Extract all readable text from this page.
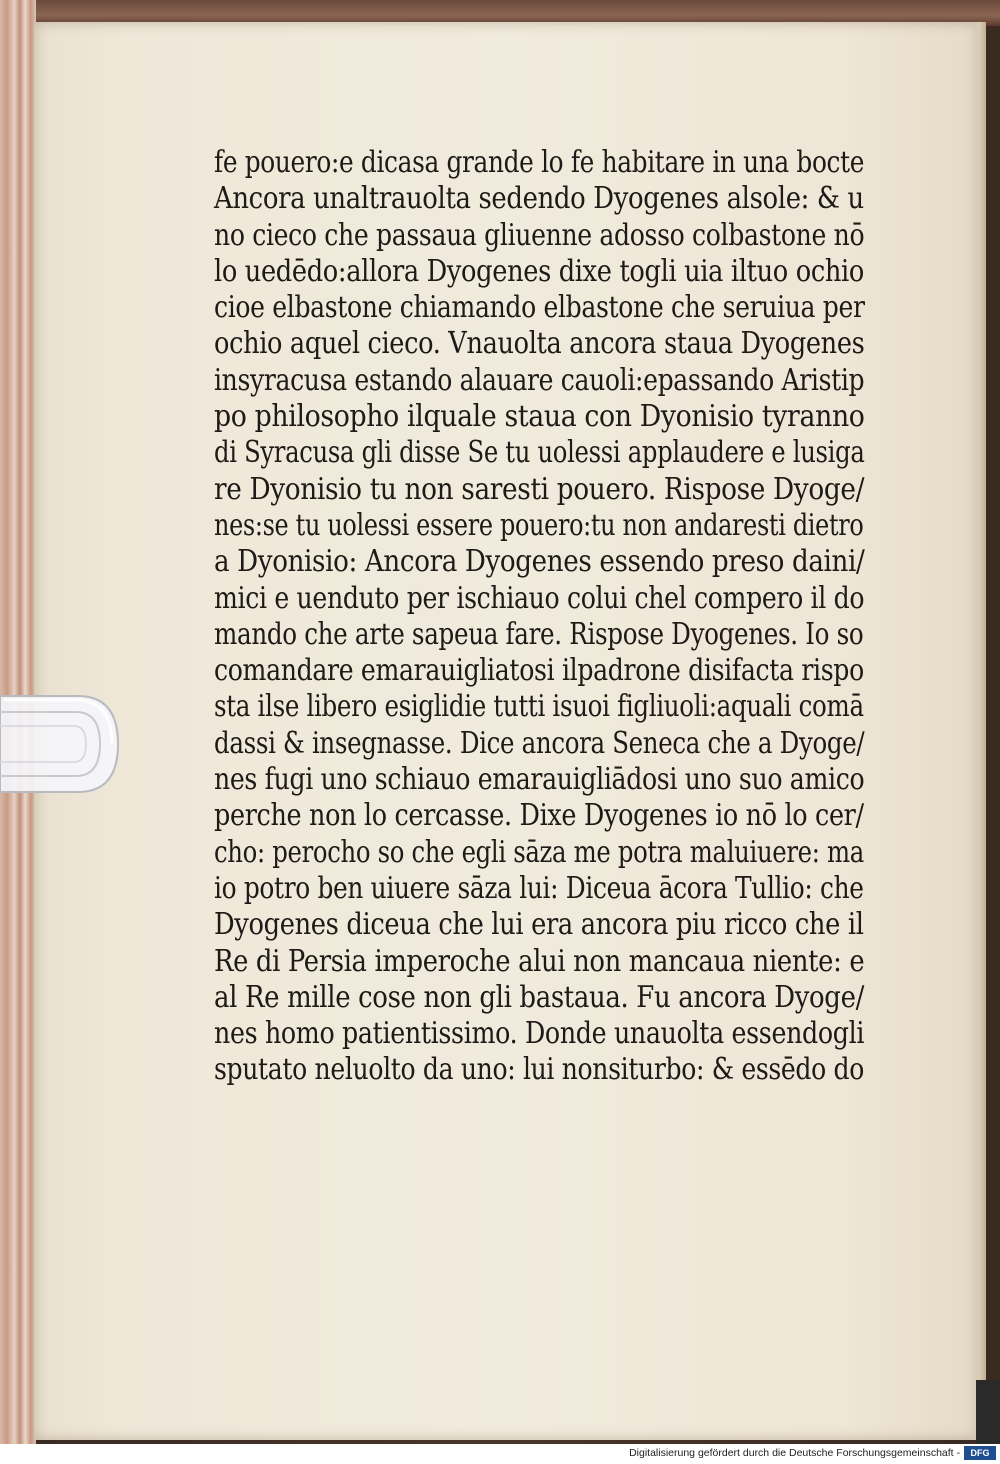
fe pouero:e dicasa grande lo fe habitare in una bocte
Ancora unaltrauolta sedendo Dyogenes alsole: & u
no cieco che passaua gliuenne adosso colbastone nō
lo uedēdo:allora Dyogenes dixe togli uia iltuo ochio
cioe elbastone chiamando elbastone che seruiua per
ochio aquel cieco. Vnauolta ancora staua Dyogenes
insyracusa estando alauare cauoli:epassando Aristip
po philosopho ilquale staua con Dyonisio tyranno
di Syracusa gli disse Se tu uolessi applaudere e lusiga
re Dyonisio tu non saresti pouero. Rispose Dyoge/
nes:se tu uolessi essere pouero:tu non andaresti dietro
a Dyonisio: Ancora Dyogenes essendo preso daini/
mici e uenduto per ischiauo colui chel compero il do
mando che arte sapeua fare. Rispose Dyogenes. Io so
comandare emarauigliatosi ilpadrone disifacta rispo
sta ilse libero esiglidie tutti isuoi figliuoli:aquali comā
dassi & insegnasse. Dice ancora Seneca che a Dyoge/
nes fugi uno schiauo emarauigliādosi uno suo amico
perche non lo cercasse. Dixe Dyogenes io nō lo cer/
cho: perocho so che egli sāza me potra maluiuere: ma
io potro ben uiuere sāza lui: Diceua ācora Tullio: che
Dyogenes diceua che lui era ancora piu ricco che il
Re di Persia imperoche alui non mancaua niente: e
al Re mille cose non gli bastaua. Fu ancora Dyoge/
nes homo patientissimo. Donde unauolta essendogli
sputato neluolto da uno: lui nonsiturbo: & essēdo do
Digitalisierung gefördert durch die Deutsche Forschungsgemeinschaft -	DFG
